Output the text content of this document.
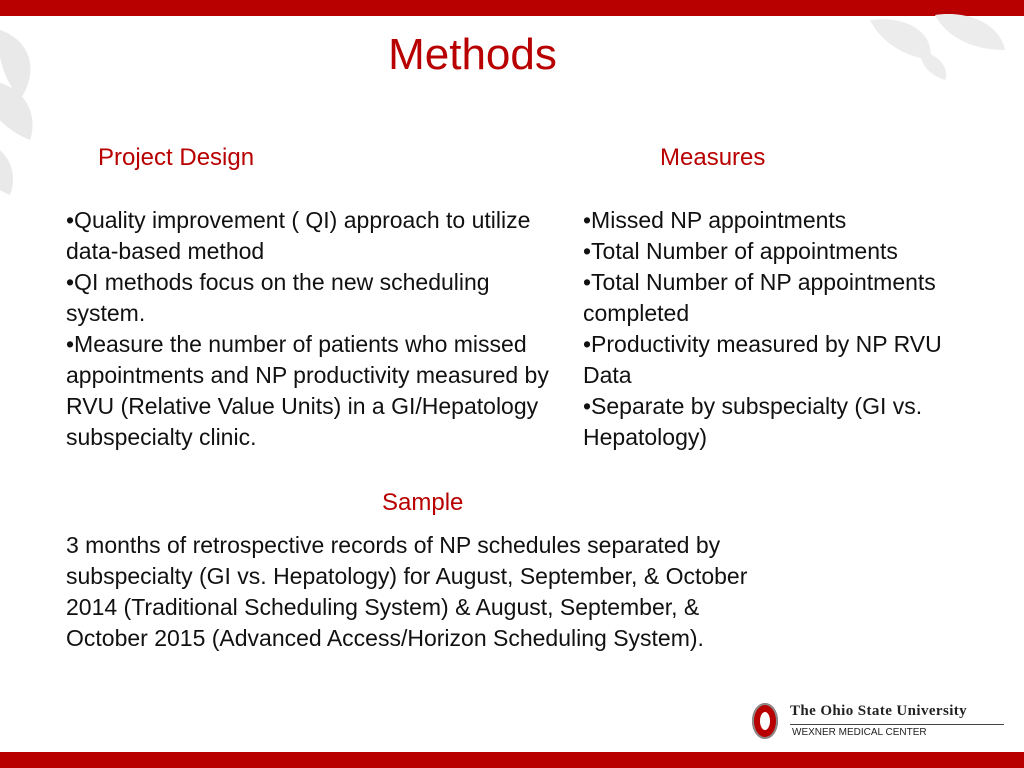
Methods
Project Design
•Quality improvement ( QI) approach to utilize data-based method
•QI methods focus on the new scheduling system.
•Measure the number of patients who missed appointments and NP productivity measured by RVU (Relative Value Units) in a GI/Hepatology subspecialty clinic.
Measures
•Missed NP appointments
•Total Number of appointments
•Total Number of NP appointments completed
•Productivity measured by NP RVU Data
•Separate by subspecialty (GI vs. Hepatology)
Sample
3 months of retrospective records of NP schedules separated by subspecialty (GI vs. Hepatology) for August, September, & October 2014 (Traditional Scheduling System) & August, September, & October 2015 (Advanced Access/Horizon Scheduling System).
The Ohio State University
WEXNER MEDICAL CENTER
